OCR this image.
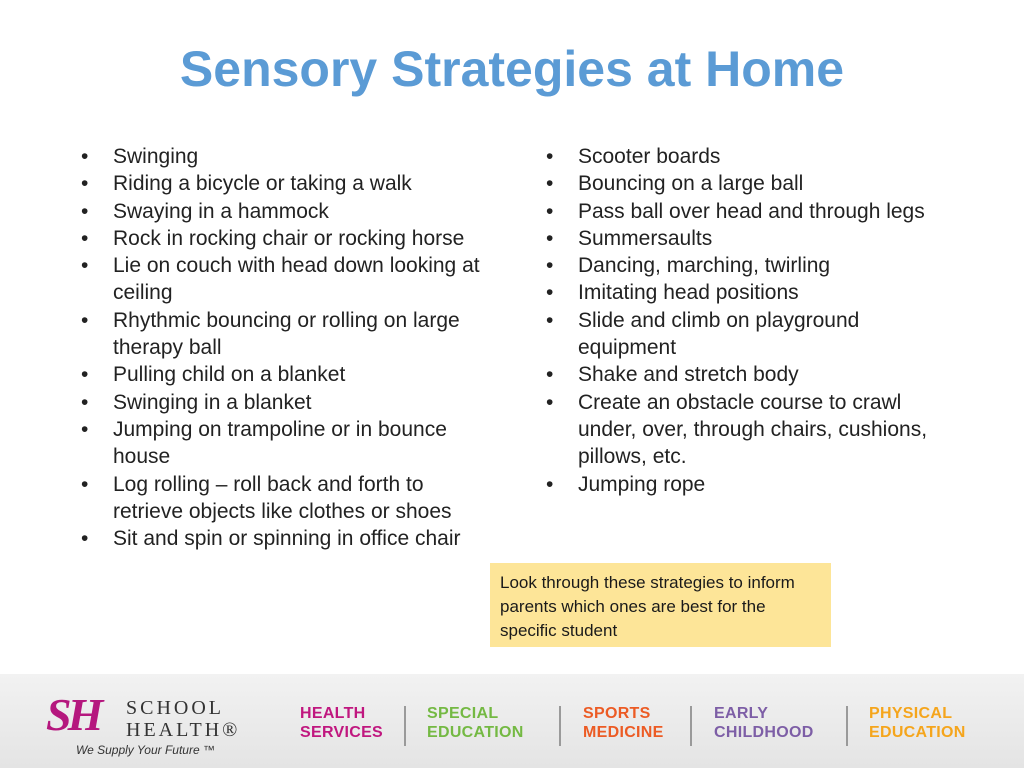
Sensory Strategies at Home
•	Swinging
•	Riding a bicycle or taking a walk
•	Swaying in a hammock
•	Rock in rocking chair or rocking horse
•	Lie on couch with head down looking at ceiling
•	Rhythmic bouncing or rolling on large therapy ball
•	Pulling child on a blanket
•	Swinging in a blanket
•	Jumping on trampoline or in bounce house
•	Log rolling – roll back and forth to retrieve objects like clothes or shoes
•	Sit and spin or spinning in office chair
•	Scooter boards
•	Bouncing on a large ball
•	Pass ball over head and through legs
•	Summersaults
•	Dancing, marching, twirling
•	Imitating head positions
•	Slide and climb on playground equipment
•	Shake and stretch body
•	Create an obstacle course to crawl under, over, through chairs, cushions, pillows, etc.
•	Jumping rope
Look through these strategies to inform parents which ones are best for the specific student
SH SCHOOL
HEALTH®
We Supply Your Future ™
HEALTH
SERVICES
SPECIAL
EDUCATION
SPORTS
MEDICINE
EARLY
CHILDHOOD
PHYSICAL
EDUCATION
